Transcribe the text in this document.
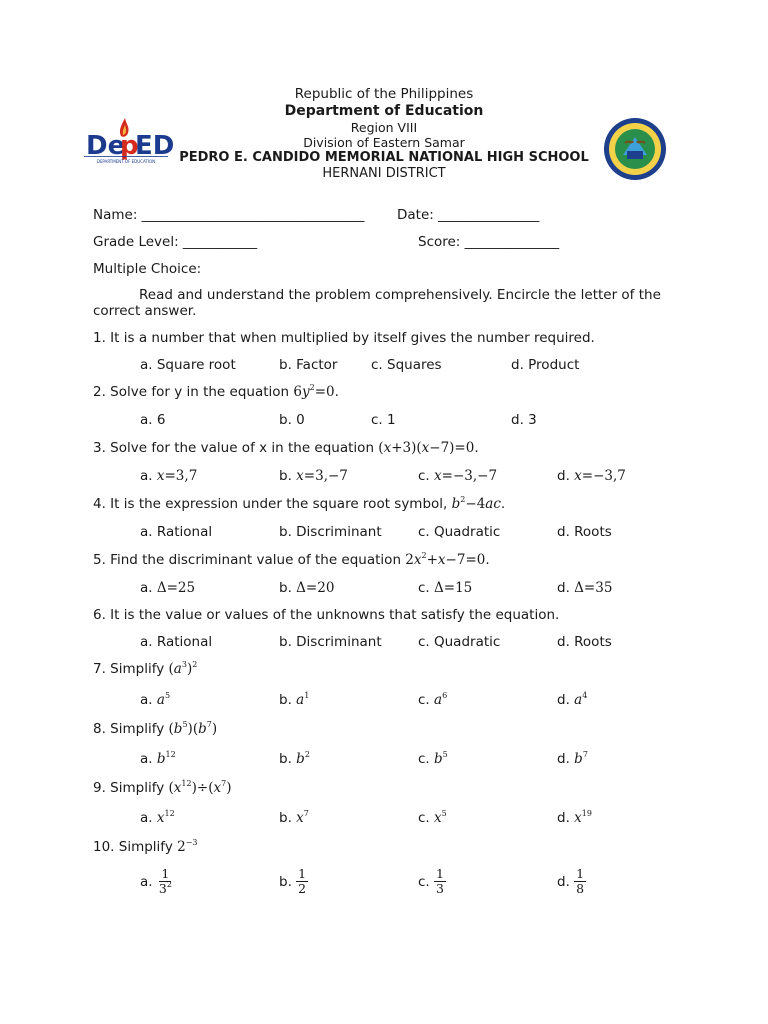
De
p
ED
DEPARTMENT OF EDUCATION
Republic of the Philippines
Department of Education
Region VIII
Division of Eastern Samar
PEDRO E. CANDIDO MEMORIAL NATIONAL HIGH SCHOOL
HERNANI DISTRICT
Name: _________________________________ Date: _______________
Grade Level: ___________	Score: ______________
Multiple Choice:
Read and understand the problem comprehensively. Encircle the letter of the correct answer.
1. It is a number that when multiplied by itself gives the number required.
a. Square root	b. Factor c. Squares	d. Product
2. Solve for y in the equation $6y^2=0$.
a. 6	b. 0	c. 1	d. 3
3. Solve for the value of x in the equation (x+3)(x−7)=0.
a. x=3,7	b. x=3,−7	c. x=−3,−7	d. x=−3,7
4. It is the expression under the square root symbol, $b^2-4ac$.
a. Rational	b. Discriminant	c. Quadratic	d. Roots
5. Find the discriminant value of the equation $2x^2+x-7=0$.
a. Δ=25	b. Δ=20	c. Δ=15	d. Δ=35
6. It is the value or values of the unknowns that satisfy the equation.
a. Rational	b. Discriminant	c. Quadratic	d. Roots
7. Simplify $(a^3)^2$
a. $a^5$	b. $a^1$	c. $a^6$	d. $a^4$
8. Simplify $(b^5)(b^7)$
a. $b^{12}$	b. $b^2$	c. $b^5$	d. $b^7$
9. Simplify $(x^{12})\div(x^7)$
a. $x^{12}$	b. $x^7$	c. $x^5$	d. $x^{19}$
10. Simplify $2^{-3}$
a. $\frac{1}{3^2}$	b. $\frac{1}{2}$	c. $\frac{1}{3}$	d. $\frac{1}{8}$
